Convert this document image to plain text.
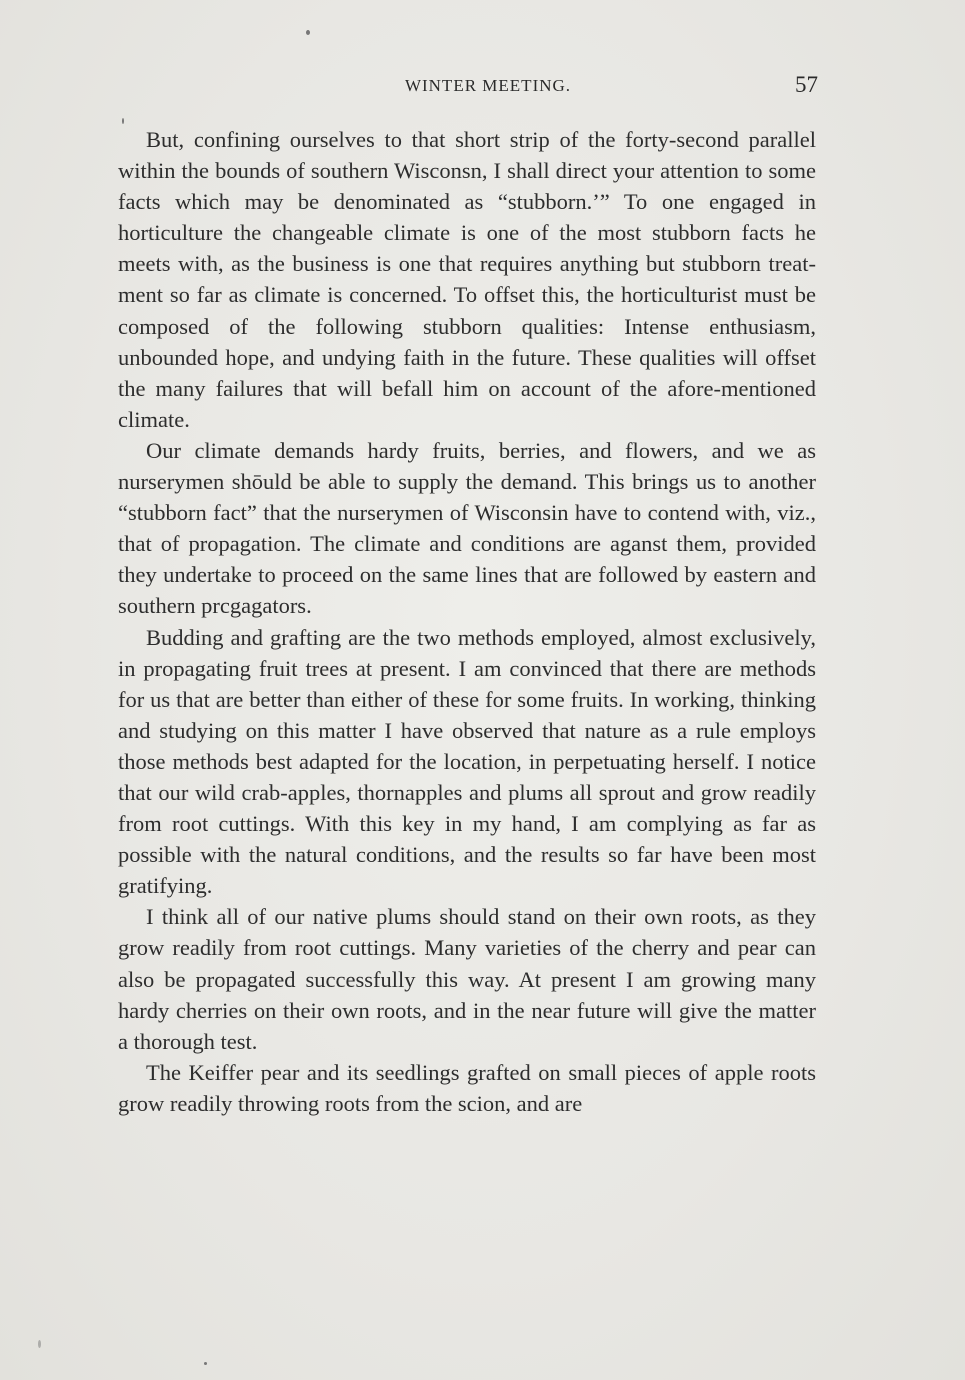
WINTER MEETING.	57

But, confining ourselves to that short strip of the forty-second parallel within the bounds of southern Wisconsn, I shall direct your attention to some facts which may be denominated as “stubborn.’” To one engaged in horticulture the changeable climate is one of the most stubborn facts he meets with, as the business is one that requires anything but stubborn treatment so far as climate is concerned. To offset this, the horticulturist must be composed of the following stubborn qualities: Intense enthusiasm, unbounded hope, and undying faith in the future. These qualities will offset the many failures that will befall him on account of the afore-mentioned climate.

Our climate demands hardy fruits, berries, and flowers, and we as nurserymen shōuld be able to supply the demand. This brings us to another “stubborn fact” that the nurserymen of Wisconsin have to contend with, viz., that of propagation. The climate and conditions are aganst them, provided they undertake to proceed on the same lines that are followed by eastern and southern prcgagators.

Budding and grafting are the two methods employed, almost exclusively, in propagating fruit trees at present. I am convinced that there are methods for us that are better than either of these for some fruits. In working, thinking and studying on this matter I have observed that nature as a rule employs those methods best adapted for the location, in perpetuating herself. I notice that our wild crab-apples, thornapples and plums all sprout and grow readily from root cuttings. With this key in my hand, I am complying as far as possible with the natural conditions, and the results so far have been most gratifying.

I think all of our native plums should stand on their own roots, as they grow readily from root cuttings. Many varieties of the cherry and pear can also be propagated successfully this way. At present I am growing many hardy cherries on their own roots, and in the near future will give the matter a thorough test.

The Keiffer pear and its seedlings grafted on small pieces of apple roots grow readily throwing roots from the scion, and are
